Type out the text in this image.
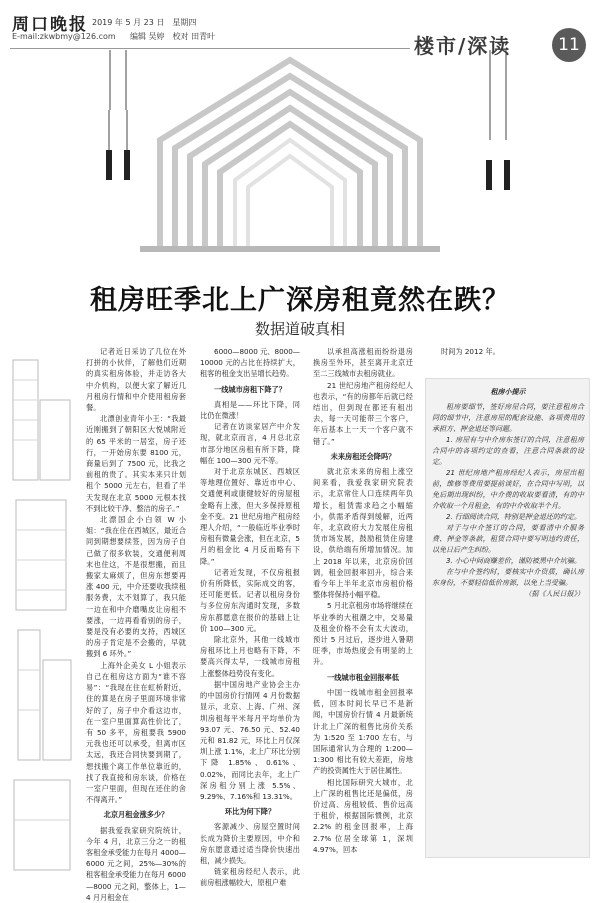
周口晚报
E-mail:zkwbmy@126.com
2019 年 5 月 23 日　星期四
编辑 吴婷　校对 田青叶	楼市/深读	11
租房旺季北上广深房租竟然在跌？
数据道破真相

记者近日采访了几位在外打拼的小伙伴，了解他们近期的真实租房体验，并走访各大中介机构，以便大家了解近几月租房行情和中介使用租房套餐。

北漂创业青年小王：“我最近刚搬到了朝阳区大悦城附近的 65 平米的一居室，房子还行，一开始房东要 8100 元，商量后到了 7500 元，比我之前租的贵了。其实本来只计划租个 5000 元左右，但看了半天发现在北京 5000 元根本找不到比较干净、整洁的房子。”

北漂国企小白领 W 小姐：“我在住在西城区，最近合同到期想要续签，因为房子自己做了很多软装，交通便利周末也住这，不是很想搬，而且搬家太麻烦了，但房东想要再涨 400 元，中介还要收我续租服务费，太不划算了，我只能一边在和中介磨嘴皮让房租不要涨，一边再看看别的房子，要是没有必要的支持，西城区的房子肯定是不会搬的，早就搬到 6 环外。”

上海外企美女 L 小姐表示自己在租房这方面为“谁不容易”：“我现在住在虹桥附近，住的算是在房子里面环境非常好的了，房子中介看这边市，在一室户里面算高性价比了，有 50 多平，房租要我 5900 元我也还可以承受，但离市区太远，我还合同快要到期了，想找搬个离工作单位靠近的，找了我直接和房东谈，价格在一室户里面，但现在还住的舍不得离开。”

北京月租金涨多少？

据我爱我家研究院统计，今年 4 月，北京三分之一的租客租金承受能力在每月 4000—6000 元之间，25%—30%的租客租金承受能力在每月 6000—8000 元之间，整体上，1—4 月月租金在

6000—8000 元、8000—10000 元的占比在持续扩大，租客的租金支出呈增长趋势。

一线城市房租下降了？

真相是——环比下降，同比仍在微涨！

记者在访谈家居产中介发现，就北京而言，4 月总北京市部分地区房租有所下降，降幅在 100—300 元不等。

对于北京东城区、西城区等地理位置好、靠近市中心、交通便利或康健较好的房屋租金略有上涨，但大多保持原租金不变。21 世纪房地产租房经理人介绍，“一般临近毕业季时房租有微量会涨，但在北京，5 月的租金比 4 月反而略有下降。”

记者近发现，不仅房租报价有所降低，实际成交的客，还可能更低。记者以租房身份与多位房东沟通时发现，多数房东都愿意在报价的基础上让价 100—300 元。

除北京外，其他一线城市房租环比上月也略有下降，不要高兴得太早，一线城市房租上涨整体趋势没有变化。

据中国房地产业协会主办的中国房价行情网 4 月份数据显示，北京、上海、广州、深圳房租每平米每月平均单价为 93.07 元、76.50 元、52.40 元和 81.82 元，环比上月仅深圳上涨 1.1%，北上广环比分别下降 1.85%、0.61%、0.02%，而同比去年，北上广深房租分别上涨 5.5%、9.29%、7.16%和 13.31%。

环比为何下降？

客源减少、房屋空置时间长成为降价主要原因，中介和房东愿意通过适当降价快速出租，减少损失。

链家租房经纪人表示，此前房租涨幅较大，原租户难

以承担高涨租而纷纷退房换房至外环，甚至离开北京迁至二三线城市去租房就业。

21 世纪房地产租房经纪人也表示，“有的房都年后就已经结出，但到现在都还有租出去，每一天可能带三个客户，年后基本上一天一个客户就不错了。”

未来房租还会降吗？

就北京未来的房租上涨空间来看，我爱我家研究院表示，北京常住人口连续两年负增长，租赁需求趋之小幅缩小，供需矛盾得到缓解，近两年，北京政府大力发展住房租赁市场发展，鼓励租赁住房建设，供给端有所增加情况。加上 2018 年以来，北京房价回调，租金回报率回升，综合来看今年上半年北京市房租价格整体将保持小幅平稳。

5 月北京租房市场将继续在毕业季的大租潮之中，交易量及租金价格不会有太大波动，预计 5 月过后，逐步进入暑期旺季，市场热度会有明显的上升。

一线城市租金回报率低

中国一线城市租金回报率低，回本时间长早已不是新闻，中国房价行情 4 月最新统计北上广深的租售比房价关系为 1:520 至 1:700 左右，与国际通常认为合理的 1:200—1:300 相比有较大差距，房地产的投资属性大于居住属性。

相比国际研究大城市，北上广深的租售比还是偏低，房价过高、房租较低、售价远高于租价，根据国际惯例，北京 2.2% 的租金回报率，上海 2.7% 位居全球第 1，深圳 4.97%，回本

时间为 2012 年。

租房小提示

租房要细节，签好房屋合同，要注意租房合同的细节中，注意房屋的配套设施、各项费用的承担方、押金退还等问题。

1. 房屋有与中介房东签订的合同，注意租房合同中的各项约定的查看，注意合同条款的设定。

21 世纪房地产租房经纪人表示，房屋出租前，维修等费用要提前谈好，在合同中写明，以免后期出现纠纷，中介费的收取要看清，有的中介收取一个月租金，有的中介收取半个月。

2. 行细阅读合同，特别是押金退还的约定。

对于与中介签订的合同，要看清中介服务费、押金等条款，租赁合同中要写明违约责任，以免日后产生纠纷。

3. 小心中间商赚差价，谨防被黑中介坑骗。

在与中介签约时，要核实中介资质，确认房东身份，不要轻信低价房源，以免上当受骗。

（据《人民日报》）
